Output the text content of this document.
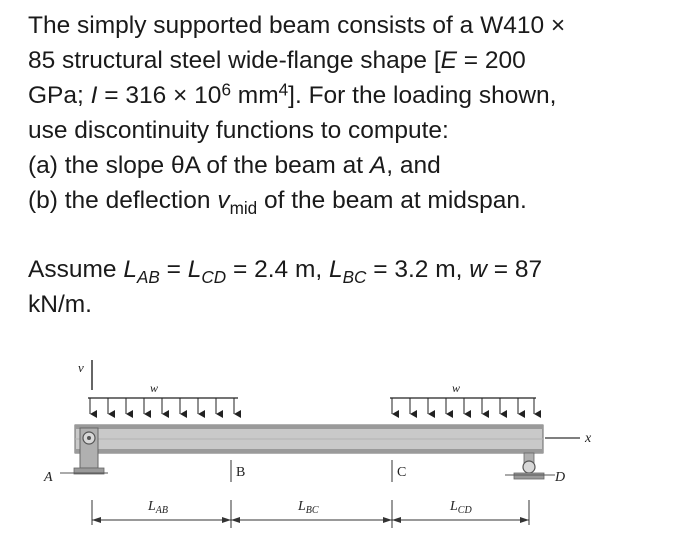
The simply supported beam consists of a W410 ×
85 structural steel wide-flange shape [E = 200
GPa; $I = 316 \times 10^6$ $mm^4$]. For the loading shown,
use discontinuity functions to compute:
(a) the slope θA of the beam at A, and
(b) the deflection $v_{mid}$ of the beam at midspan.
Assume $L_{AB} = L_{CD} = 2.4$ m, $L_{BC} = 3.2$ m, w = 87
kN/m.
v
x
w	w
A	D
B	C
$L_{AB}$	$L_{BC}$	$L_{CD}$
